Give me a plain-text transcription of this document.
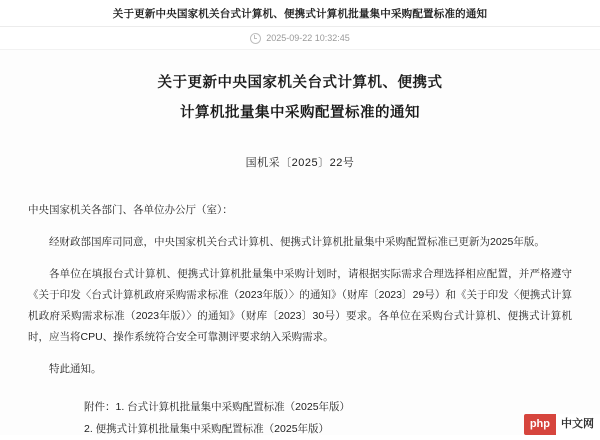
关于更新中央国家机关台式计算机、便携式计算机批量集中采购配置标准的通知
2025-09-22 10:32:45
关于更新中央国家机关台式计算机、便携式
计算机批量集中采购配置标准的通知
国机采〔2025〕22号
中央国家机关各部门、各单位办公厅（室）：
经财政部国库司同意，中央国家机关台式计算机、便携式计算机批量集中采购配置标准已更新为2025年版。
各单位在填报台式计算机、便携式计算机批量集中采购计划时，请根据实际需求合理选择相应配置，并严格遵守《关于印发〈台式计算机政府采购需求标准（2023年版）〉的通知》（财库〔2023〕29号）和《关于印发〈便携式计算机政府采购需求标准（2023年版）〉的通知》（财库〔2023〕30号）要求。各单位在采购台式计算机、便携式计算机时，应当将CPU、操作系统符合安全可靠测评要求纳入采购需求。
特此通知。
附件：1. 台式计算机批量集中采购配置标准（2025年版）
2. 便携式计算机批量集中采购配置标准（2025年版）	php	中文网
